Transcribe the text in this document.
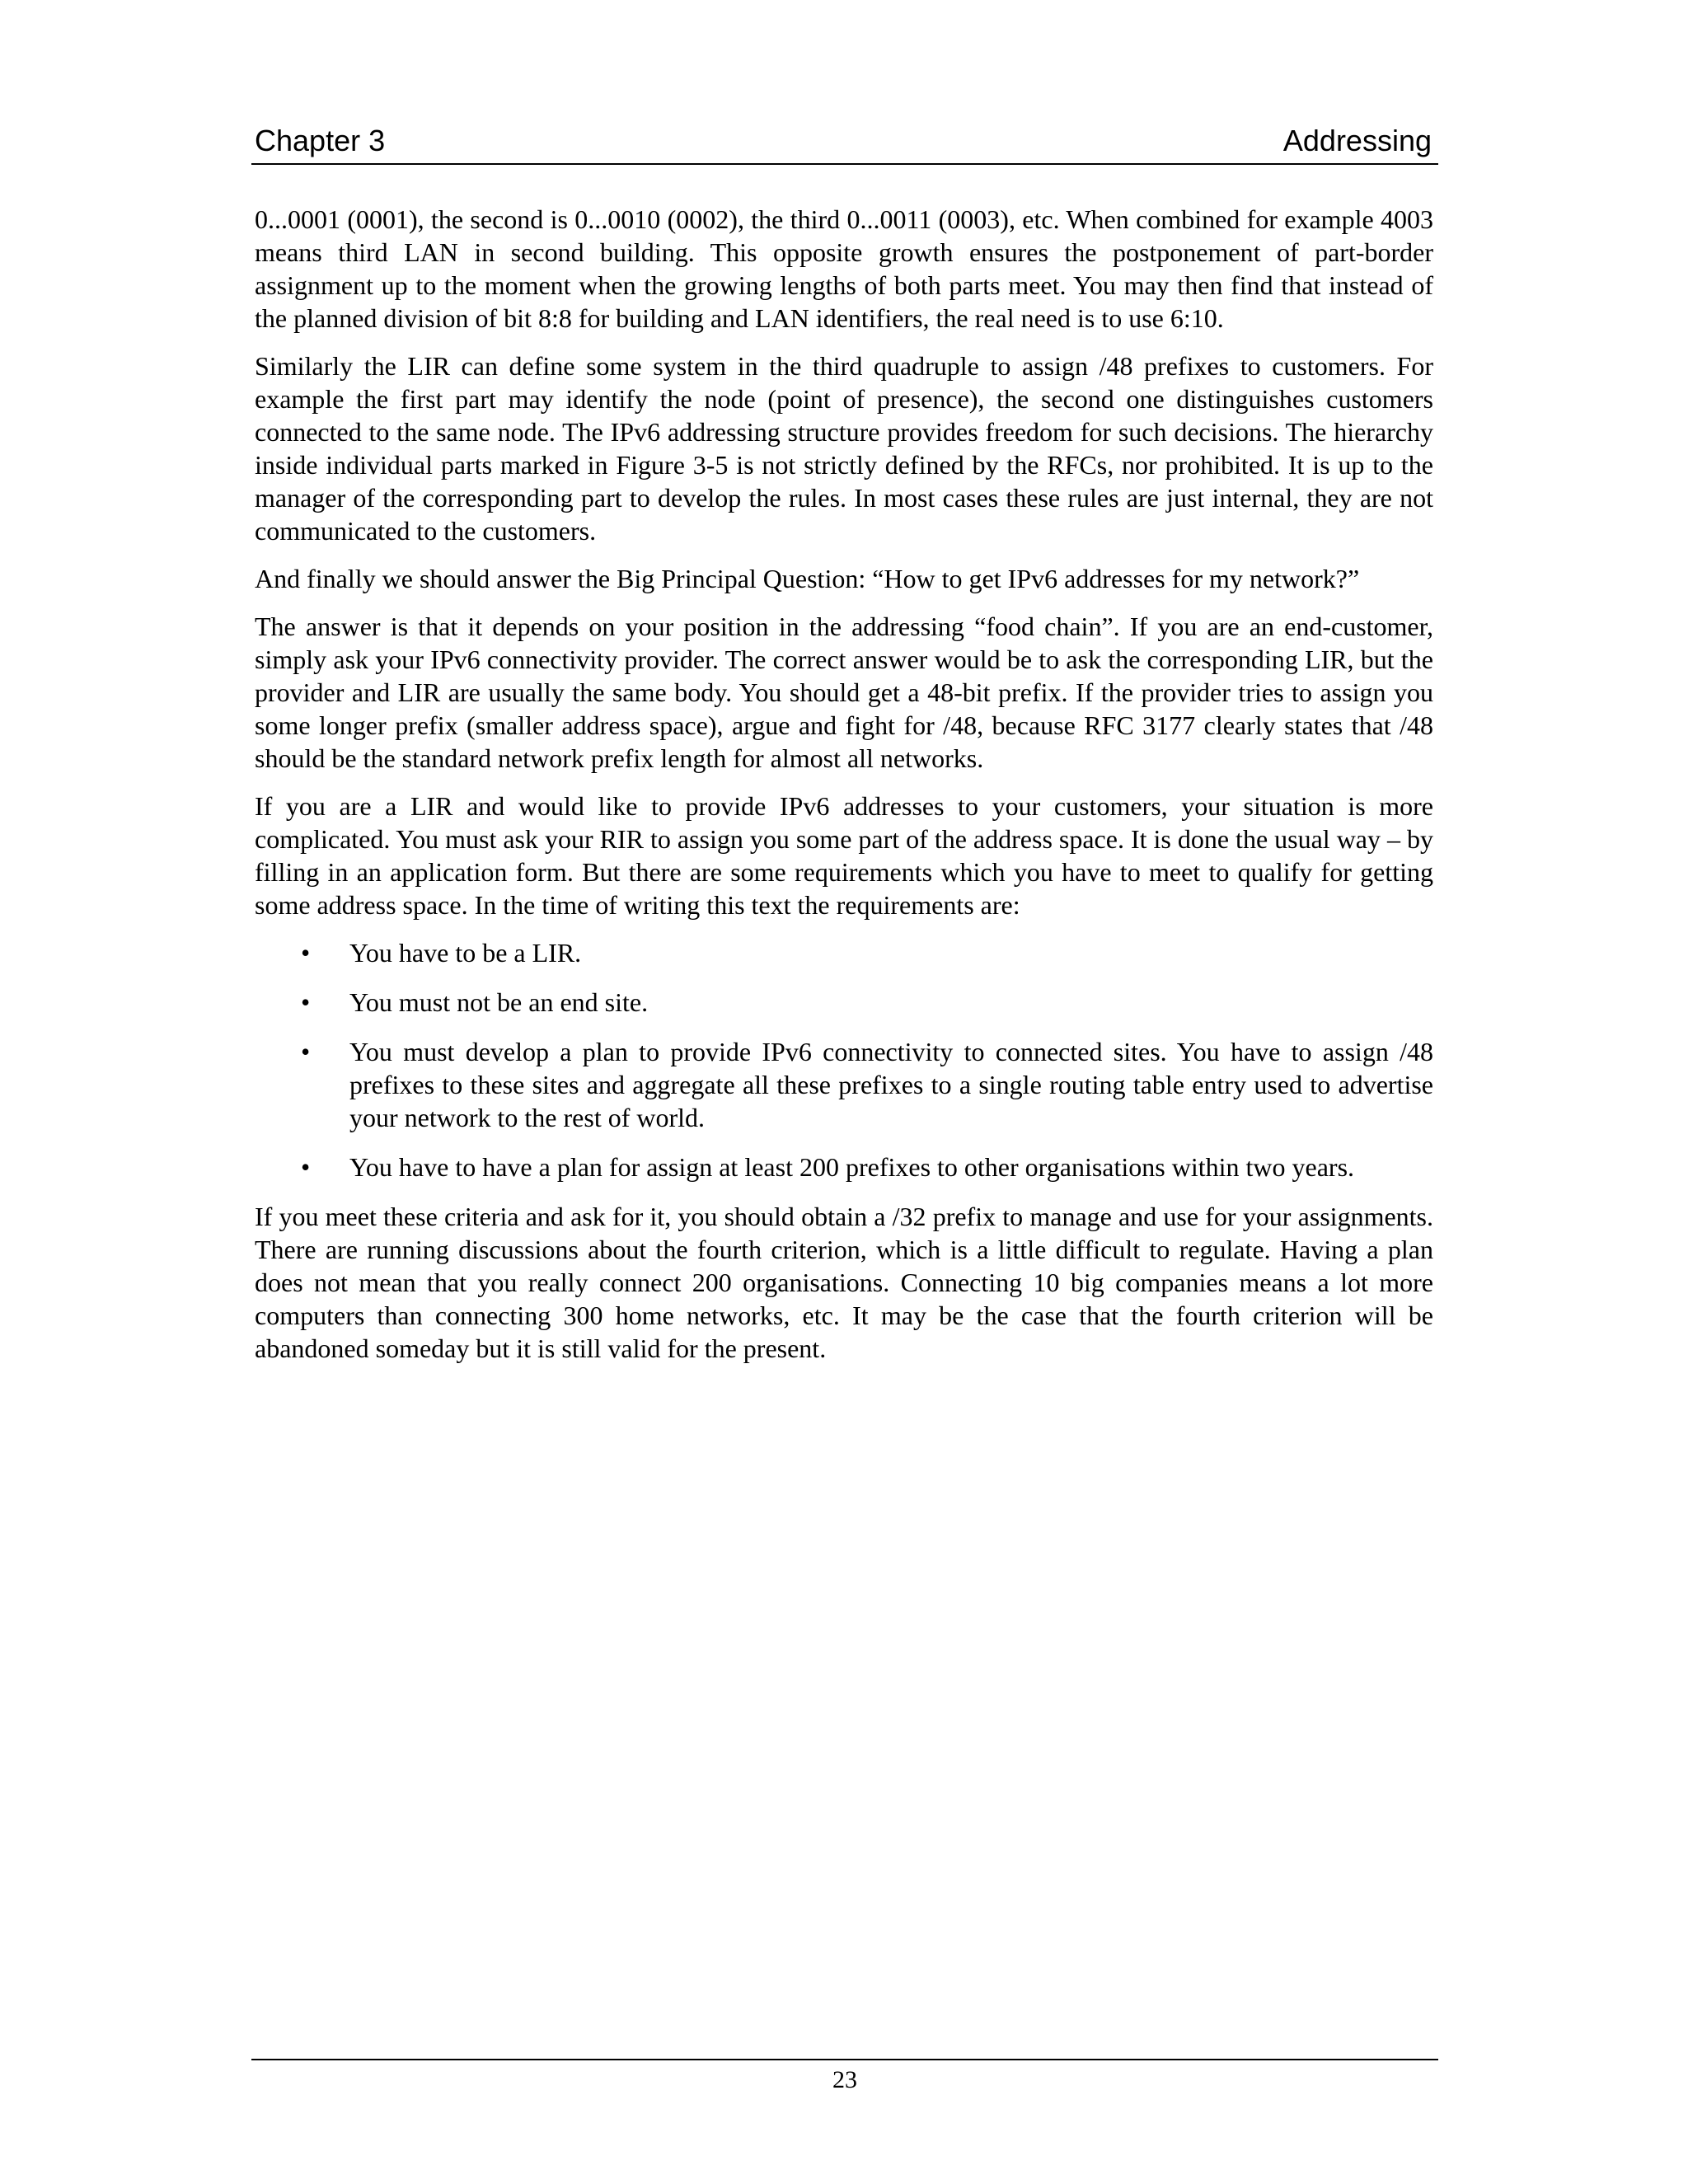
Chapter 3	Addressing

0...0001 (0001), the second is 0...0010 (0002), the third 0...0011 (0003), etc. When combined for example 4003 means third LAN in second building. This opposite growth ensures the postponement of part-border assignment up to the moment when the growing lengths of both parts meet. You may then find that instead of the planned division of bit 8:8 for building and LAN identifiers, the real need is to use 6:10.

Similarly the LIR can define some system in the third quadruple to assign /48 prefixes to customers. For example the first part may identify the node (point of presence), the second one distinguishes customers connected to the same node. The IPv6 addressing structure provides freedom for such decisions. The hierarchy inside individual parts marked in Figure 3-5 is not strictly defined by the RFCs, nor prohibited. It is up to the manager of the corresponding part to develop the rules. In most cases these rules are just internal, they are not communicated to the customers.

And finally we should answer the Big Principal Question: “How to get IPv6 addresses for my network?”

The answer is that it depends on your position in the addressing “food chain”. If you are an end-customer, simply ask your IPv6 connectivity provider. The correct answer would be to ask the corresponding LIR, but the provider and LIR are usually the same body. You should get a 48-bit prefix. If the provider tries to assign you some longer prefix (smaller address space), argue and fight for /48, because RFC 3177 clearly states that /48 should be the standard network prefix length for almost all networks.

If you are a LIR and would like to provide IPv6 addresses to your customers, your situation is more complicated. You must ask your RIR to assign you some part of the address space. It is done the usual way – by filling in an application form. But there are some requirements which you have to meet to qualify for getting some address space. In the time of writing this text the requirements are:

• You have to be a LIR.
• You must not be an end site.
• You must develop a plan to provide IPv6 connectivity to connected sites. You have to assign /48 prefixes to these sites and aggregate all these prefixes to a single routing table entry used to advertise your network to the rest of world.
• You have to have a plan for assign at least 200 prefixes to other organisations within two years.

If you meet these criteria and ask for it, you should obtain a /32 prefix to manage and use for your assignments. There are running discussions about the fourth criterion, which is a little difficult to regulate. Having a plan does not mean that you really connect 200 organisations. Connecting 10 big companies means a lot more computers than connecting 300 home networks, etc. It may be the case that the fourth criterion will be abandoned someday but it is still valid for the present.

23
